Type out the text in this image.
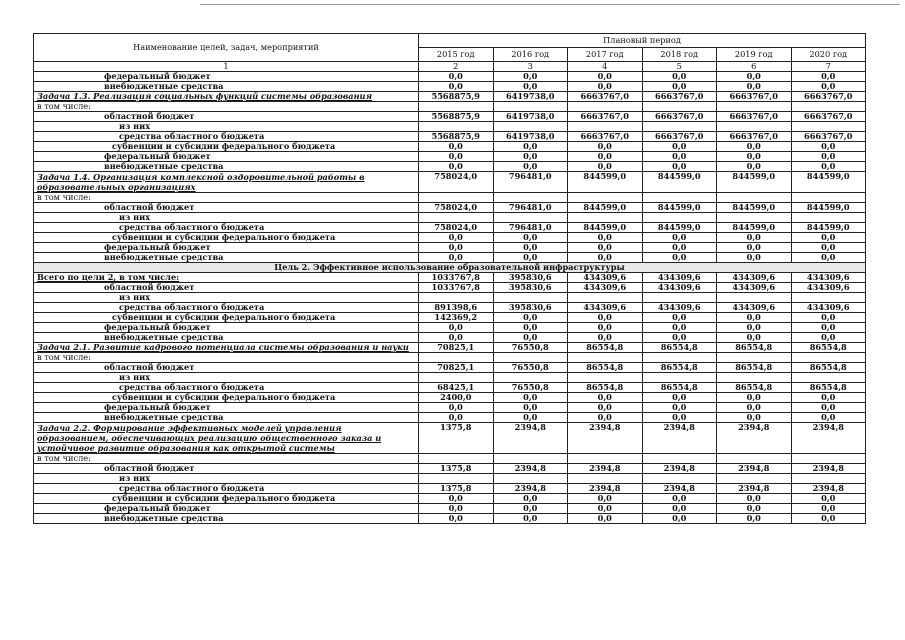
Наименование целей, задач, мероприятий	Плановый период					
	2015 год	2016 год	2017 год	2018 год	2019 год	2020 год
1	2	3	4	5	6	7
федеральный бюджет	0,0	0,0	0,0	0,0	0,0	0,0
внебюджетные средства	0,0	0,0	0,0	0,0	0,0	0,0
Задача 1.3. Реализация социальных функций системы образования	5568875,9	6419738,0	6663767,0	6663767,0	6663767,0	6663767,0
в том числе:						
областной бюджет	5568875,9	6419738,0	6663767,0	6663767,0	6663767,0	6663767,0
из них						
средства областного бюджета	5568875,9	6419738,0	6663767,0	6663767,0	6663767,0	6663767,0
субвенции и субсидии федерального бюджета	0,0	0,0	0,0	0,0	0,0	0,0
федеральный бюджет	0,0	0,0	0,0	0,0	0,0	0,0
внебюджетные средства	0,0	0,0	0,0	0,0	0,0	0,0
Задача 1.4. Организация комплексной оздоровительной работы в образовательных организациях	758024,0	796481,0	844599,0	844599,0	844599,0	844599,0
в том числе:						
областной бюджет	758024,0	796481,0	844599,0	844599,0	844599,0	844599,0
из них						
средства областного бюджета	758024,0	796481,0	844599,0	844599,0	844599,0	844599,0
субвенции и субсидии федерального бюджета	0,0	0,0	0,0	0,0	0,0	0,0
федеральный бюджет	0,0	0,0	0,0	0,0	0,0	0,0
внебюджетные средства	0,0	0,0	0,0	0,0	0,0	0,0
Цель 2. Эффективное использование образовательной инфраструктуры						
Всего по цели 2, в том числе:	1033767,8	395830,6	434309,6	434309,6	434309,6	434309,6
областной бюджет	1033767,8	395830,6	434309,6	434309,6	434309,6	434309,6
из них						
средства областного бюджета	891398,6	395830,6	434309,6	434309,6	434309,6	434309,6
субвенции и субсидии федерального бюджета	142369,2	0,0	0,0	0,0	0,0	0,0
федеральный бюджет	0,0	0,0	0,0	0,0	0,0	0,0
внебюджетные средства	0,0	0,0	0,0	0,0	0,0	0,0
Задача 2.1. Развитие кадрового потенциала системы образования и науки	70825,1	76550,8	86554,8	86554,8	86554,8	86554,8
в том числе:						
областной бюджет	70825,1	76550,8	86554,8	86554,8	86554,8	86554,8
из них						
средства областного бюджета	68425,1	76550,8	86554,8	86554,8	86554,8	86554,8
субвенции и субсидии федерального бюджета	2400,0	0,0	0,0	0,0	0,0	0,0
федеральный бюджет	0,0	0,0	0,0	0,0	0,0	0,0
внебюджетные средства	0,0	0,0	0,0	0,0	0,0	0,0
Задача 2.2. Формирование эффективных моделей управления образованием, обеспечивающих реализацию общественного заказа и устойчивое развитие образования как открытой системы	1375,8	2394,8	2394,8	2394,8	2394,8	2394,8
в том числе:						
областной бюджет	1375,8	2394,8	2394,8	2394,8	2394,8	2394,8
из них						
средства областного бюджета	1375,8	2394,8	2394,8	2394,8	2394,8	2394,8
субвенции и субсидии федерального бюджета	0,0	0,0	0,0	0,0	0,0	0,0
федеральный бюджет	0,0	0,0	0,0	0,0	0,0	0,0
внебюджетные средства	0,0	0,0	0,0	0,0	0,0	0,0
